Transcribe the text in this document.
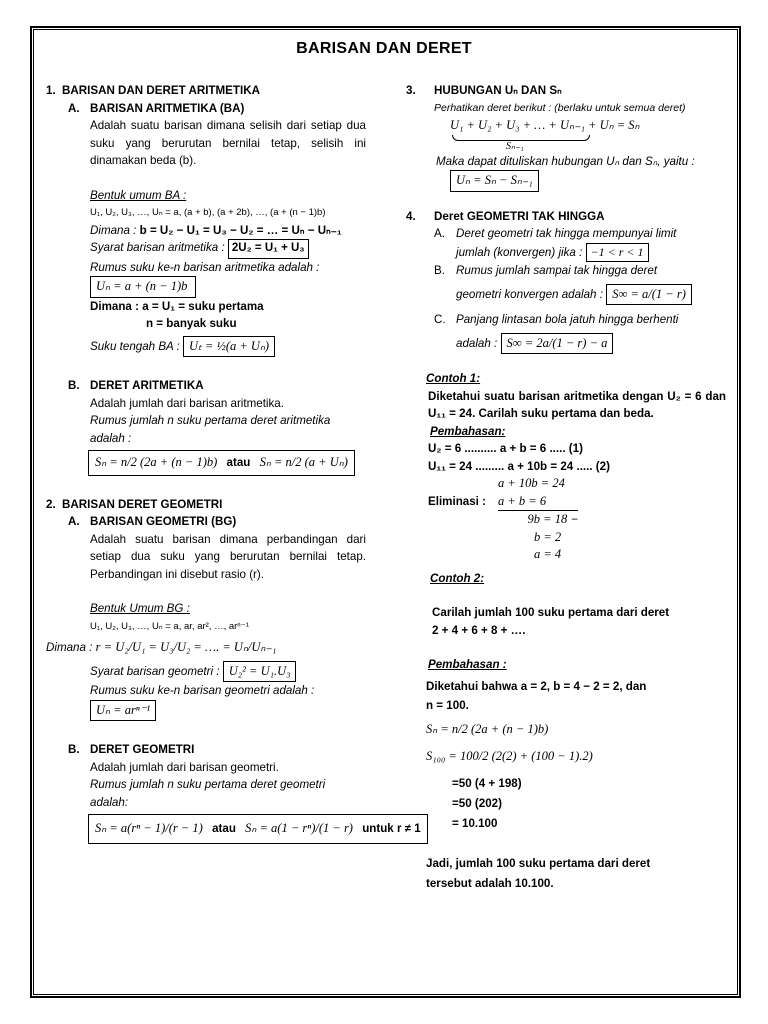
BARISAN DAN DERET
1. BARISAN DAN DERET ARITMETIKA
A. BARISAN ARITMETIKA (BA)
Adalah suatu barisan dimana selisih dari setiap dua suku yang berurutan bernilai tetap, selisih ini dinamakan beda (b).
Bentuk umum BA :
U₁, U₂, U₃, …, Uₙ = a, (a + b), (a + 2b), …, (a + (n − 1)b)
Dimana : b = U₂ − U₁ = U₃ − U₂ = … = Uₙ − Uₙ₋₁
Syarat barisan aritmetika : 2U₂ = U₁ + U₃
Rumus suku ke-n barisan aritmetika adalah :
Uₙ = a + (n − 1)b
Dimana : a = U₁ = suku pertama
n = banyak suku
Suku tengah BA : Uₜ = ½(a + Uₙ)
B. DERET ARITMETIKA
Adalah jumlah dari barisan aritmetika.
Rumus jumlah n suku pertama deret aritmetika adalah :
Sₙ = n/2 (2a + (n − 1)b) atau Sₙ = n/2 (a + Uₙ)
2. BARISAN DERET GEOMETRI
A. BARISAN GEOMETRI (BG)
Adalah suatu barisan dimana perbandingan dari setiap dua suku yang berurutan bernilai tetap. Perbandingan ini disebut rasio (r).
Bentuk Umum BG :
U₁, U₂, U₃, …, Uₙ = a, ar, ar², …, arⁿ⁻¹
Dimana : r = U₂/U₁ = U₃/U₂ = …. = Uₙ/Uₙ₋₁
Syarat barisan geometri : U₂² = U₁.U₃
Rumus suku ke-n barisan geometri adalah :
Uₙ = arⁿ⁻¹
B. DERET GEOMETRI
Adalah jumlah dari barisan geometri.
Rumus jumlah n suku pertama deret geometri adalah:
Sₙ = a(rⁿ − 1)/(r − 1) atau Sₙ = a(1 − rⁿ)/(1 − r) untuk r ≠ 1
3.	HUBUNGAN Uₙ DAN Sₙ
Perhatikan deret berikut : (berlaku untuk semua deret)
U₁ + U₂ + U₃ + … + Uₙ₋₁ + Uₙ = Sₙ
Sₙ₋₁
Maka dapat dituliskan hubungan Uₙ dan Sₙ, yaitu :
Uₙ = Sₙ − Sₙ₋₁
4.	Deret GEOMETRI TAK HINGGA
A. Deret geometri tak hingga mempunyai limit jumlah (konvergen) jika : −1 < r < 1
B. Rumus jumlah sampai tak hingga deret
geometri konvergen adalah : S∞ = a/(1 − r)
C. Panjang lintasan bola jatuh hingga berhenti
adalah : S∞ = 2a/(1 − r) − a
Contoh 1:
Diketahui suatu barisan aritmetika dengan U₂ = 6 dan U₁₁ = 24. Carilah suku pertama dan beda.
Pembahasan:
U₂ = 6 .......... a + b = 6 ..... (1)
U₁₁ = 24 ......... a + 10b = 24 ..... (2)
a + 10b = 24
Eliminasi : a + b = 6
9b = 18 −
b = 2
a = 4
Contoh 2:
Carilah jumlah 100 suku pertama dari deret
2 + 4 + 6 + 8 + ….
Pembahasan :
Diketahui bahwa a = 2, b = 4 − 2 = 2, dan
n = 100.
Sₙ = n/2 (2a + (n − 1)b)
S₁₀₀ = 100/2 (2(2) + (100 − 1).2)
=50 (4 + 198)
=50 (202)
= 10.100
Jadi, jumlah 100 suku pertama dari deret
tersebut adalah 10.100.
